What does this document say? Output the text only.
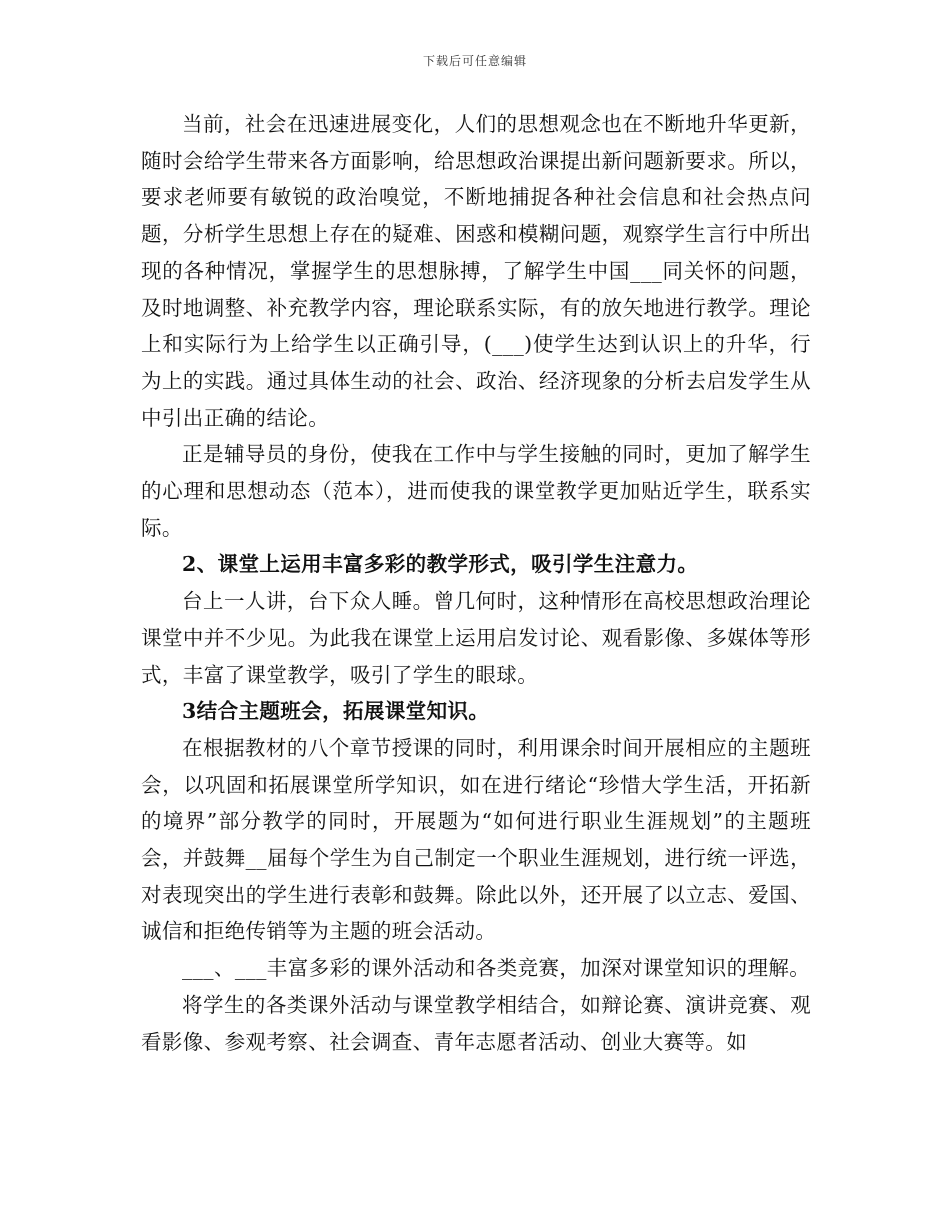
下载后可任意编辑

当前，社会在迅速进展变化，人们的思想观念也在不断地升华更新，随时会给学生带来各方面影响，给思想政治课提出新问题新要求。所以，要求老师要有敏锐的政治嗅觉，不断地捕捉各种社会信息和社会热点问题，分析学生思想上存在的疑难、困惑和模糊问题，观察学生言行中所出现的各种情况，掌握学生的思想脉搏，了解学生中国___同关怀的问题，及时地调整、补充教学内容，理论联系实际，有的放矢地进行教学。理论上和实际行为上给学生以正确引导，(___)使学生达到认识上的升华，行为上的实践。通过具体生动的社会、政治、经济现象的分析去启发学生从中引出正确的结论。

正是辅导员的身份，使我在工作中与学生接触的同时，更加了解学生的心理和思想动态（范本），进而使我的课堂教学更加贴近学生，联系实际。

2、课堂上运用丰富多彩的教学形式，吸引学生注意力。

台上一人讲，台下众人睡。曾几何时，这种情形在高校思想政治理论课堂中并不少见。为此我在课堂上运用启发讨论、观看影像、多媒体等形式，丰富了课堂教学，吸引了学生的眼球。

3结合主题班会，拓展课堂知识。

在根据教材的八个章节授课的同时，利用课余时间开展相应的主题班会，以巩固和拓展课堂所学知识，如在进行绪论“珍惜大学生活，开拓新的境界”部分教学的同时，开展题为“如何进行职业生涯规划”的主题班会，并鼓舞__届每个学生为自己制定一个职业生涯规划，进行统一评选，对表现突出的学生进行表彰和鼓舞。除此以外，还开展了以立志、爱国、诚信和拒绝传销等为主题的班会活动。

___、___丰富多彩的课外活动和各类竞赛，加深对课堂知识的理解。

将学生的各类课外活动与课堂教学相结合，如辩论赛、演讲竞赛、观看影像、参观考察、社会调查、青年志愿者活动、创业大赛等。如
